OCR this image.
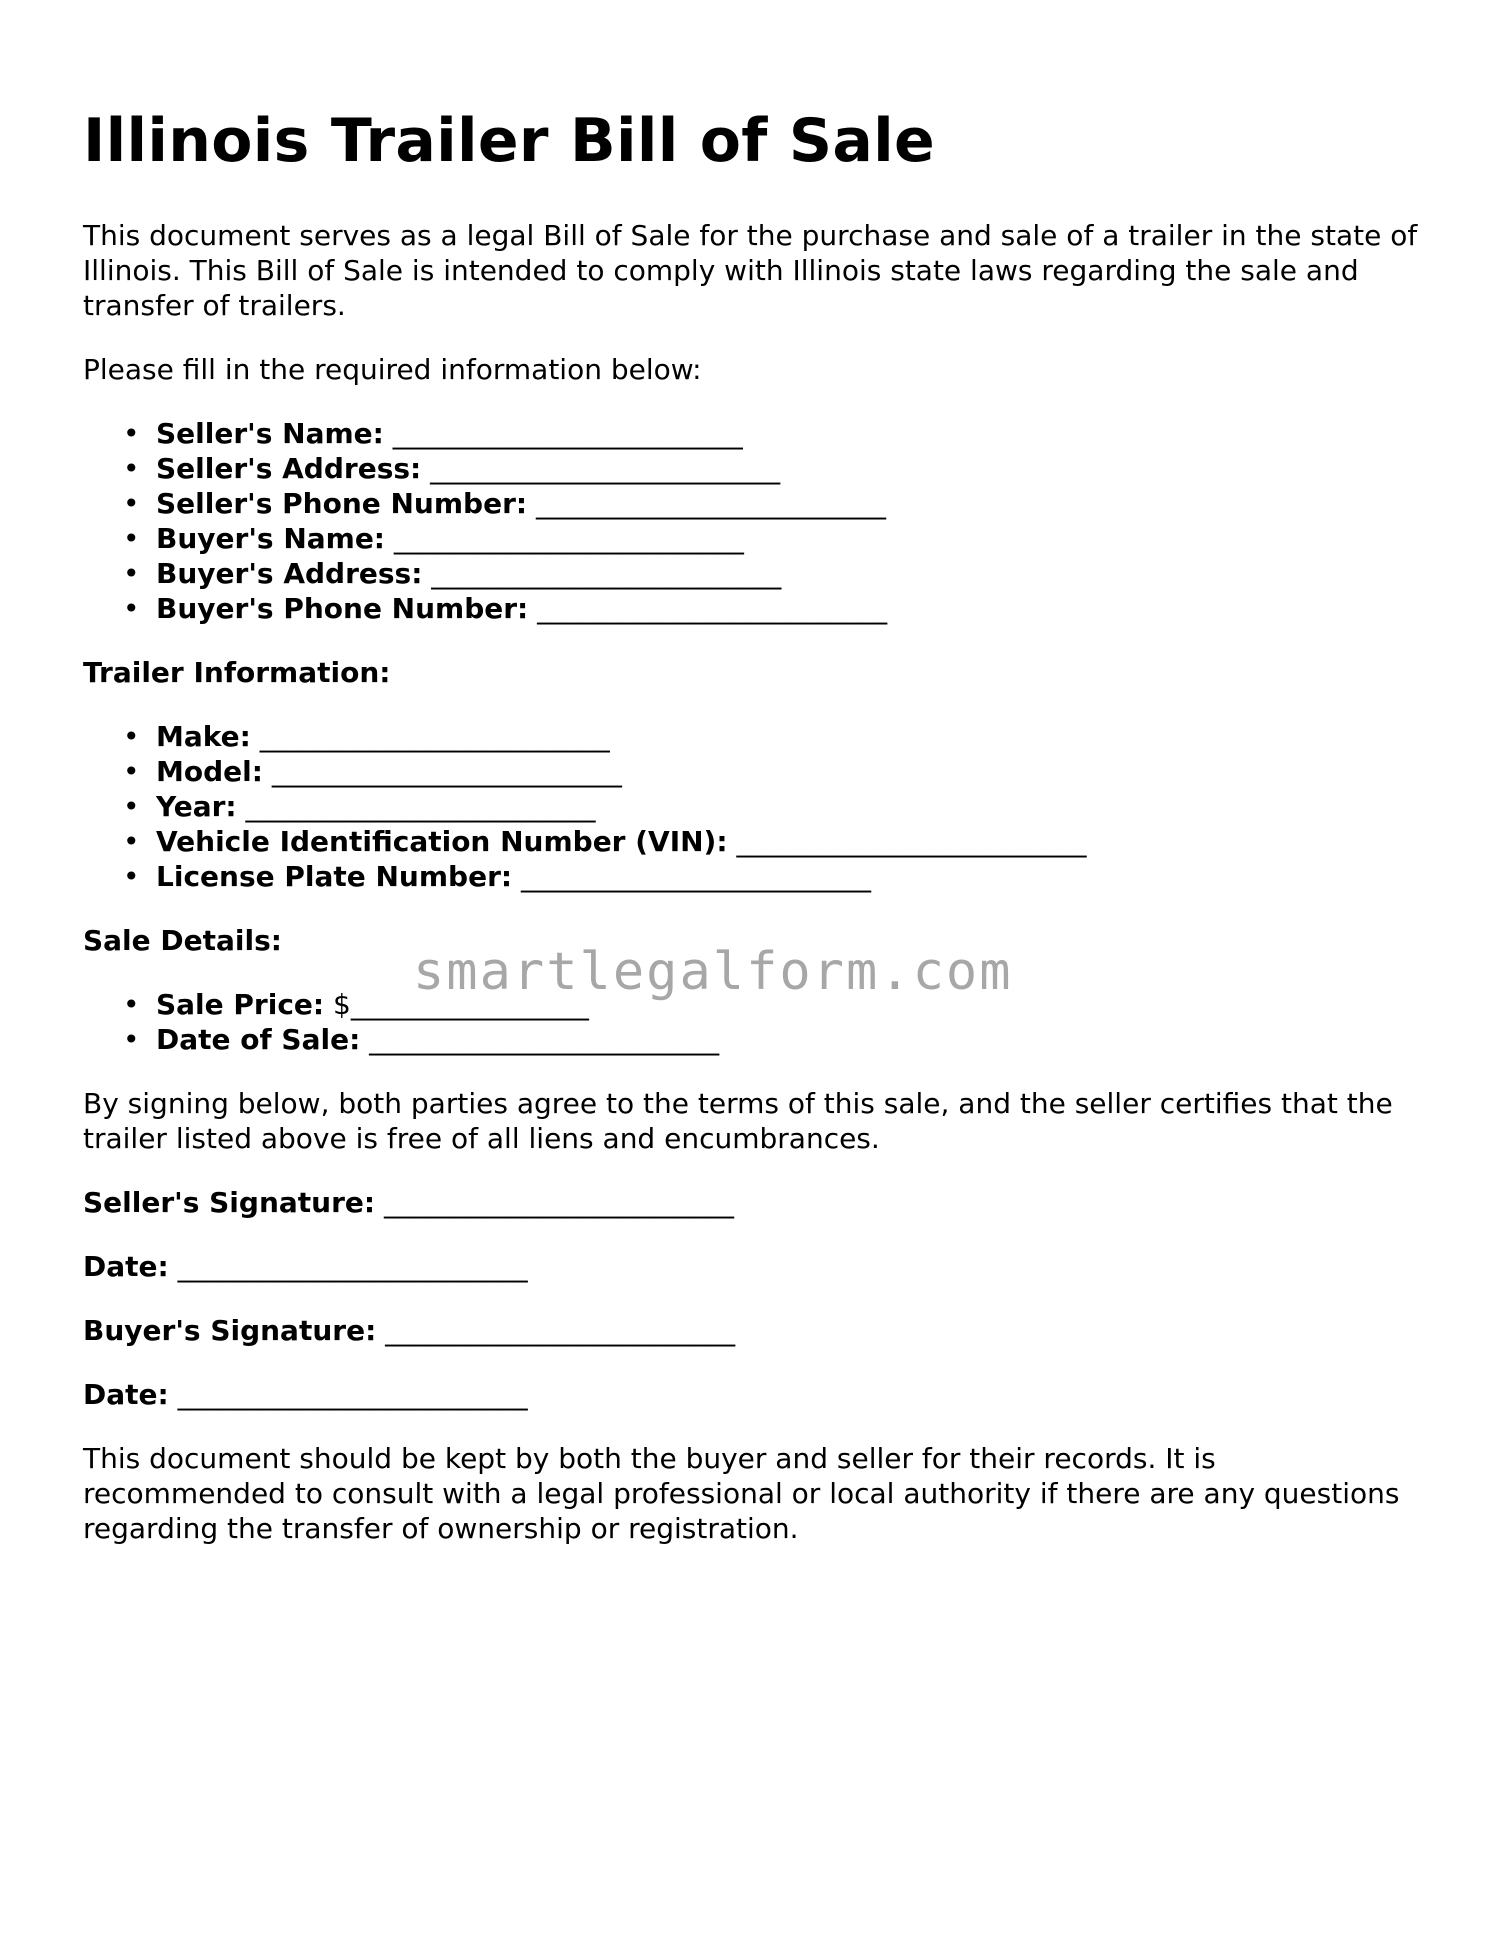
Illinois Trailer Bill of Sale

This document serves as a legal Bill of Sale for the purchase and sale of a trailer in the state of Illinois. This Bill of Sale is intended to comply with Illinois state laws regarding the sale and transfer of trailers.

Please fill in the required information below:

• Seller's Name: _________________________
• Seller's Address: _________________________
• Seller's Phone Number: _________________________
• Buyer's Name: _________________________
• Buyer's Address: _________________________
• Buyer's Phone Number: _________________________
Trailer Information:
• Make: _________________________
• Model: _________________________
• Year: _________________________
• Vehicle Identification Number (VIN): _________________________
• License Plate Number: _________________________
Sale Details:
• Sale Price: $_________________
• Date of Sale: _________________________

By signing below, both parties agree to the terms of this sale, and the seller certifies that the trailer listed above is free of all liens and encumbrances.

Seller's Signature: _________________________
Date: _________________________
Buyer's Signature: _________________________
Date: _________________________

This document should be kept by both the buyer and seller for their records. It is recommended to consult with a legal professional or local authority if there are any questions regarding the transfer of ownership or registration.

smartlegalform.com
